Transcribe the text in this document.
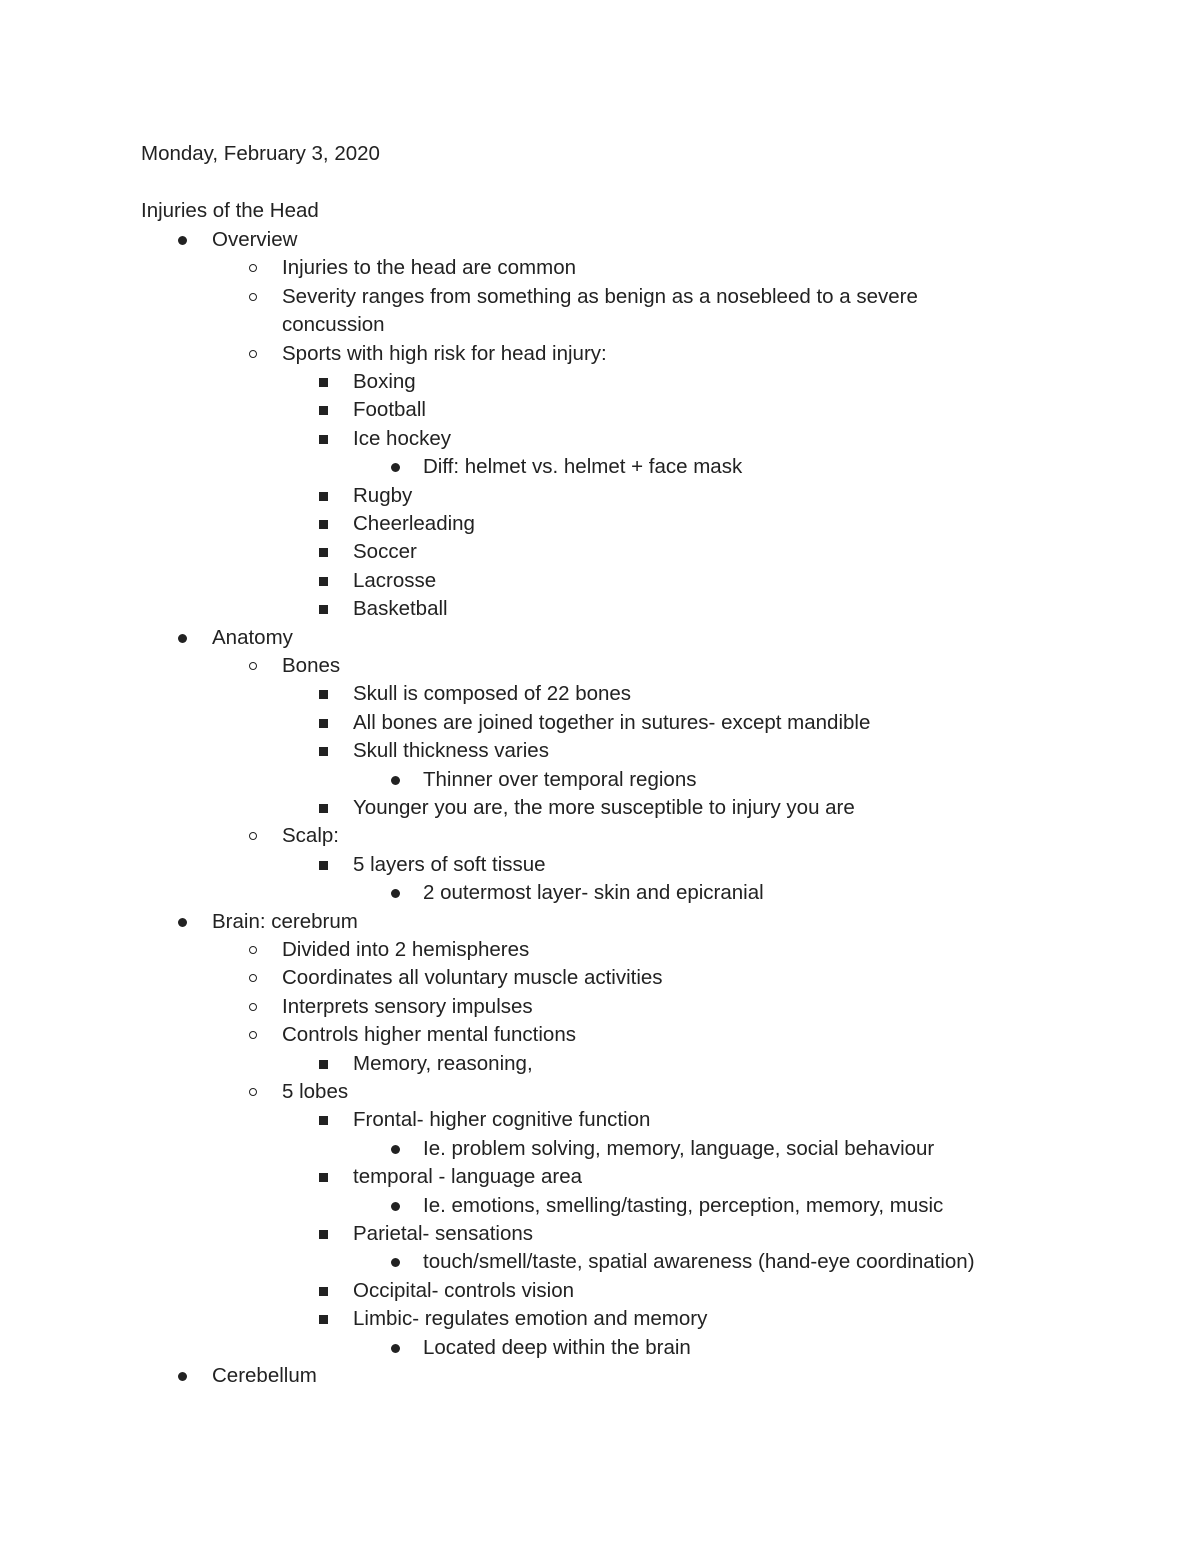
Monday, February 3, 2020
Injuries of the Head
Overview
Injuries to the head are common
Severity ranges from something as benign as a nosebleed to a severe
concussion
Sports with high risk for head injury:
Boxing
Football
Ice hockey
Diff: helmet vs. helmet + face mask
Rugby
Cheerleading
Soccer
Lacrosse
Basketball
Anatomy
Bones
Skull is composed of 22 bones
All bones are joined together in sutures- except mandible
Skull thickness varies
Thinner over temporal regions
Younger you are, the more susceptible to injury you are
Scalp:
5 layers of soft tissue
2 outermost layer- skin and epicranial
Brain: cerebrum
Divided into 2 hemispheres
Coordinates all voluntary muscle activities
Interprets sensory impulses
Controls higher mental functions
Memory, reasoning,
5 lobes
Frontal- higher cognitive function
Ie. problem solving, memory, language, social behaviour
temporal - language area
Ie. emotions, smelling/tasting, perception, memory, music
Parietal- sensations
touch/smell/taste, spatial awareness (hand-eye coordination)
Occipital- controls vision
Limbic- regulates emotion and memory
Located deep within the brain
Cerebellum
